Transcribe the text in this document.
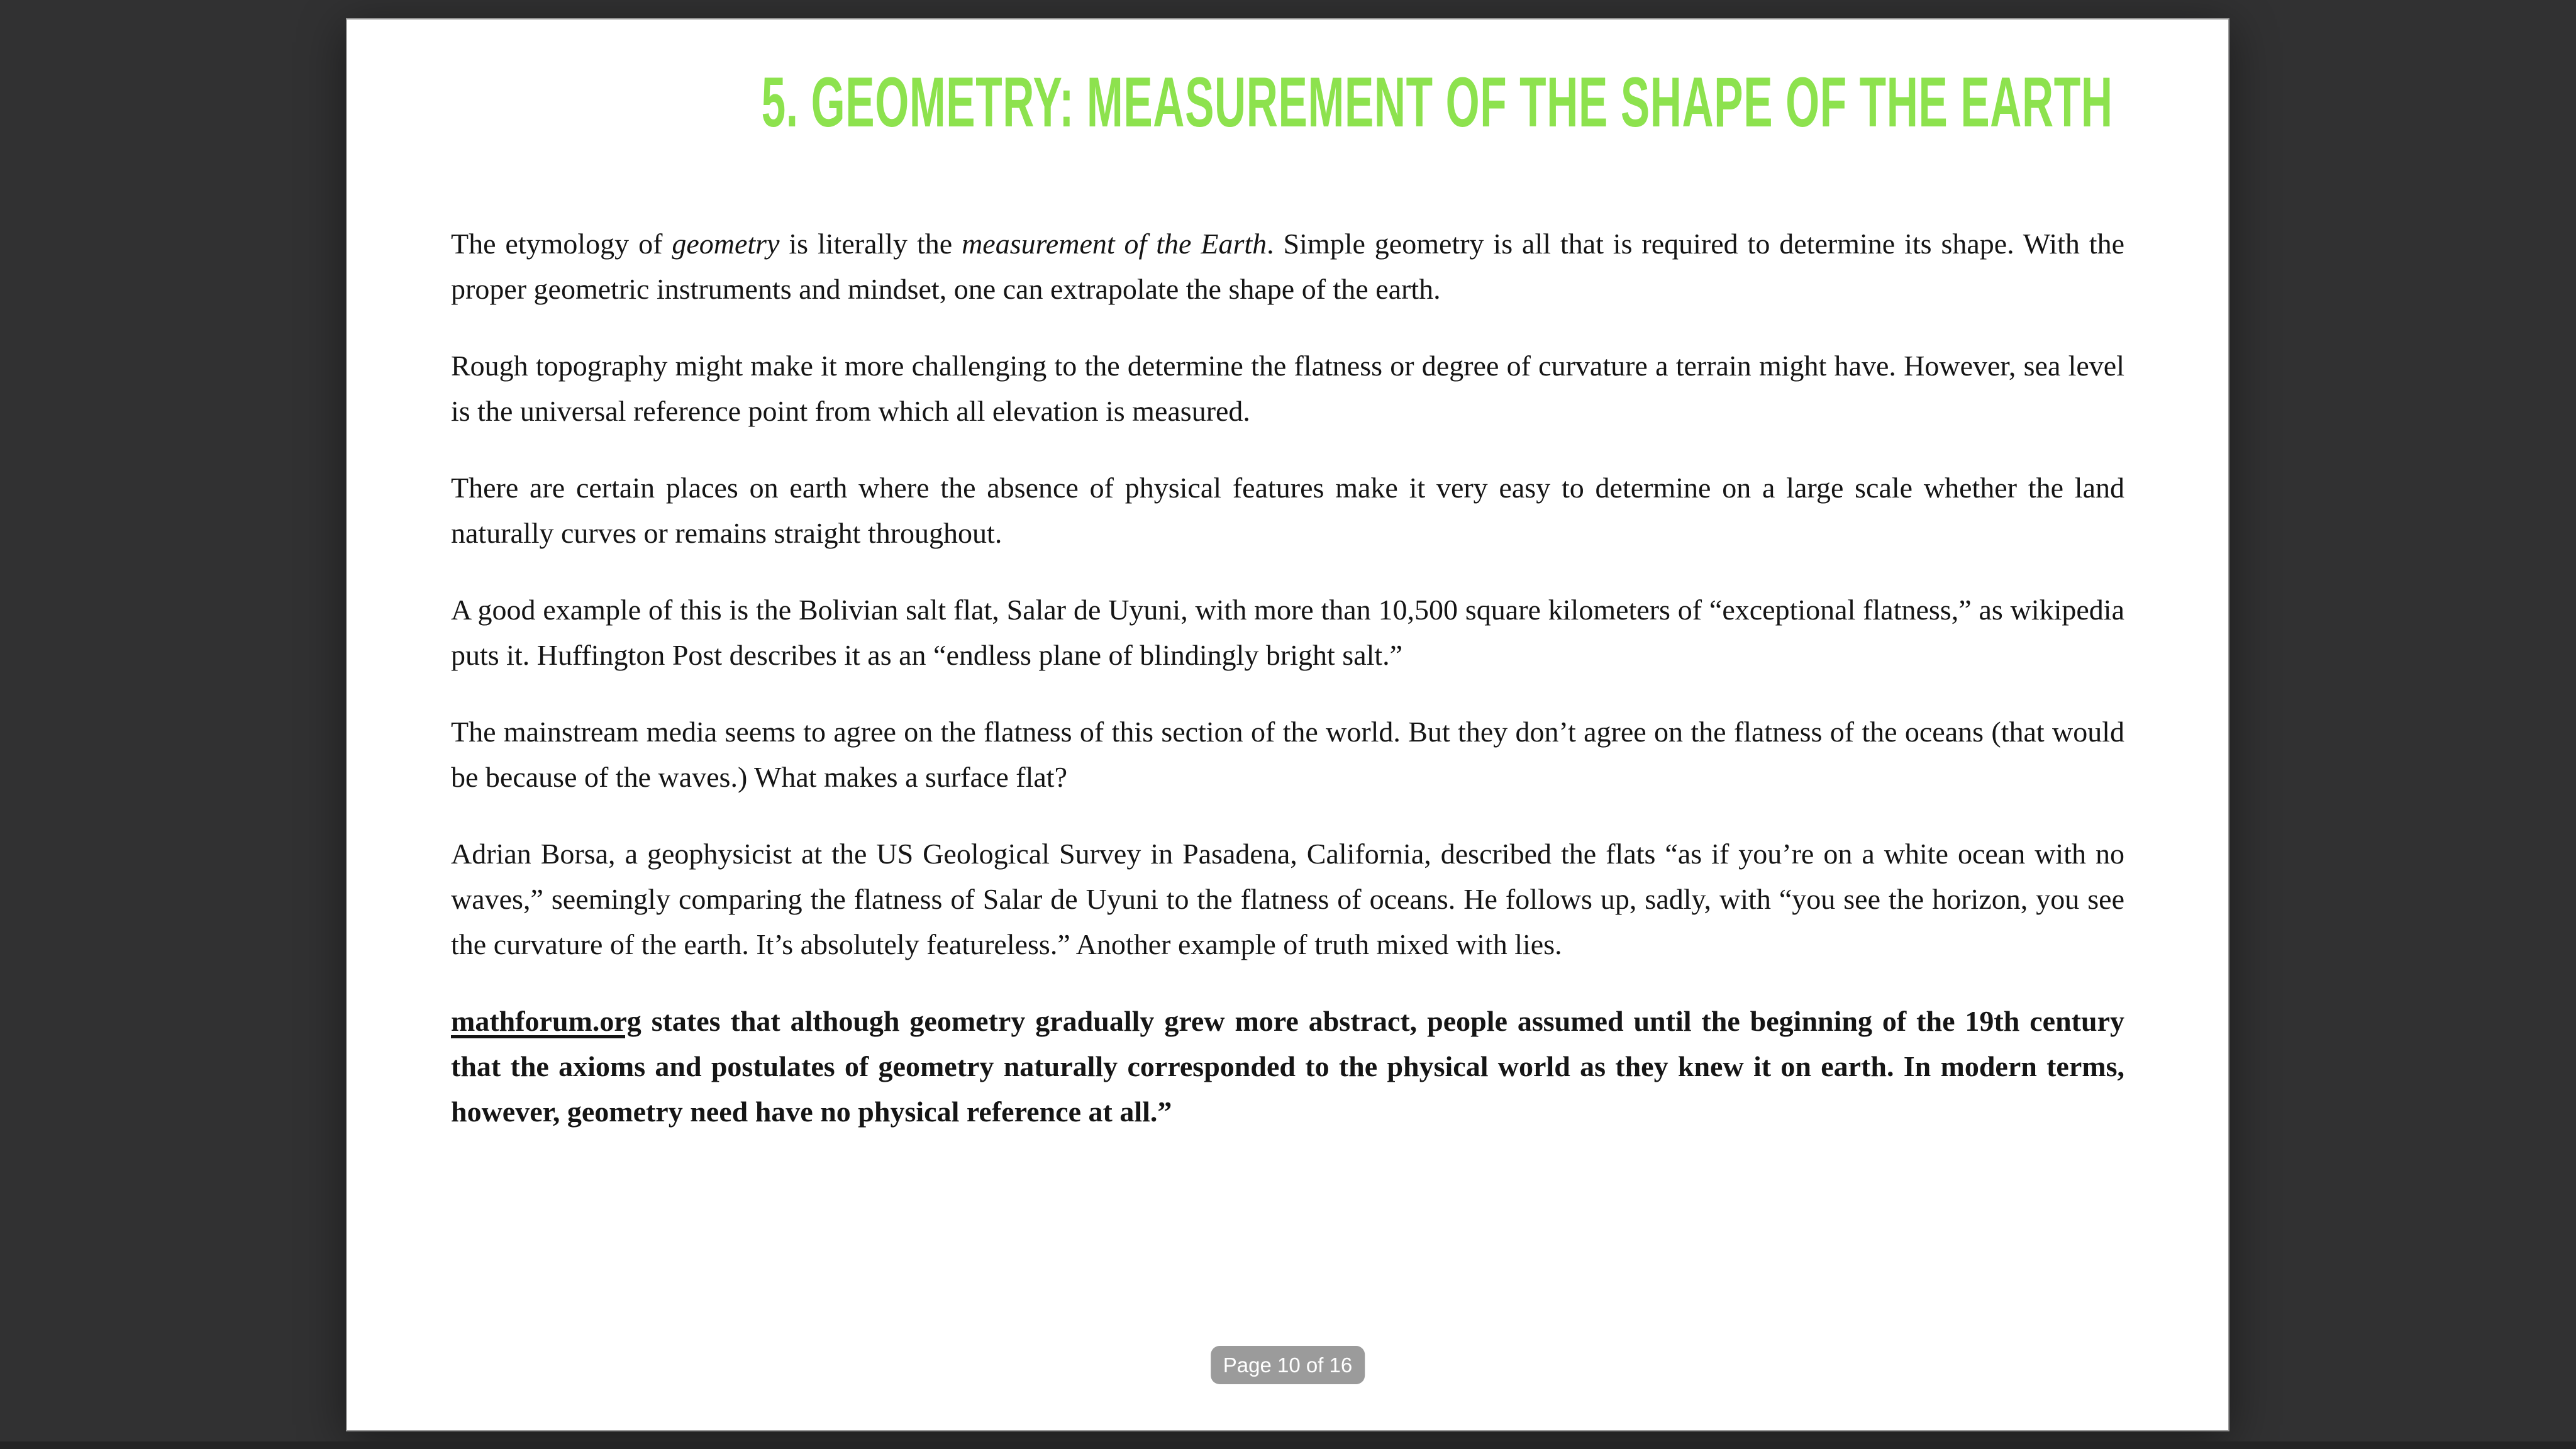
5. GEOMETRY: MEASUREMENT OF THE SHAPE OF THE EARTH

The etymology of geometry is literally the measurement of the Earth. Simple geometry is all that is required to determine its shape. With the proper geometric instruments and mindset, one can extrapolate the shape of the earth.

Rough topography might make it more challenging to the determine the flatness or degree of curvature a terrain might have. However, sea level is the universal reference point from which all elevation is measured.

There are certain places on earth where the absence of physical features make it very easy to determine on a large scale whether the land naturally curves or remains straight throughout.

A good example of this is the Bolivian salt flat, Salar de Uyuni, with more than 10,500 square kilometers of “exceptional flatness,” as wikipedia puts it. Huffington Post describes it as an “endless plane of blindingly bright salt.”

The mainstream media seems to agree on the flatness of this section of the world. But they don’t agree on the flatness of the oceans (that would be because of the waves.) What makes a surface flat?

Adrian Borsa, a geophysicist at the US Geological Survey in Pasadena, California, described the flats “as if you’re on a white ocean with no waves,” seemingly comparing the flatness of Salar de Uyuni to the flatness of oceans. He follows up, sadly, with “you see the horizon, you see the curvature of the earth. It’s absolutely featureless.” Another example of truth mixed with lies.

mathforum.org states that although geometry gradually grew more abstract, people assumed until the beginning of the 19th century that the axioms and postulates of geometry naturally corresponded to the physical world as they knew it on earth. In modern terms, however, geometry need have no physical reference at all.”

Page 10 of 16
